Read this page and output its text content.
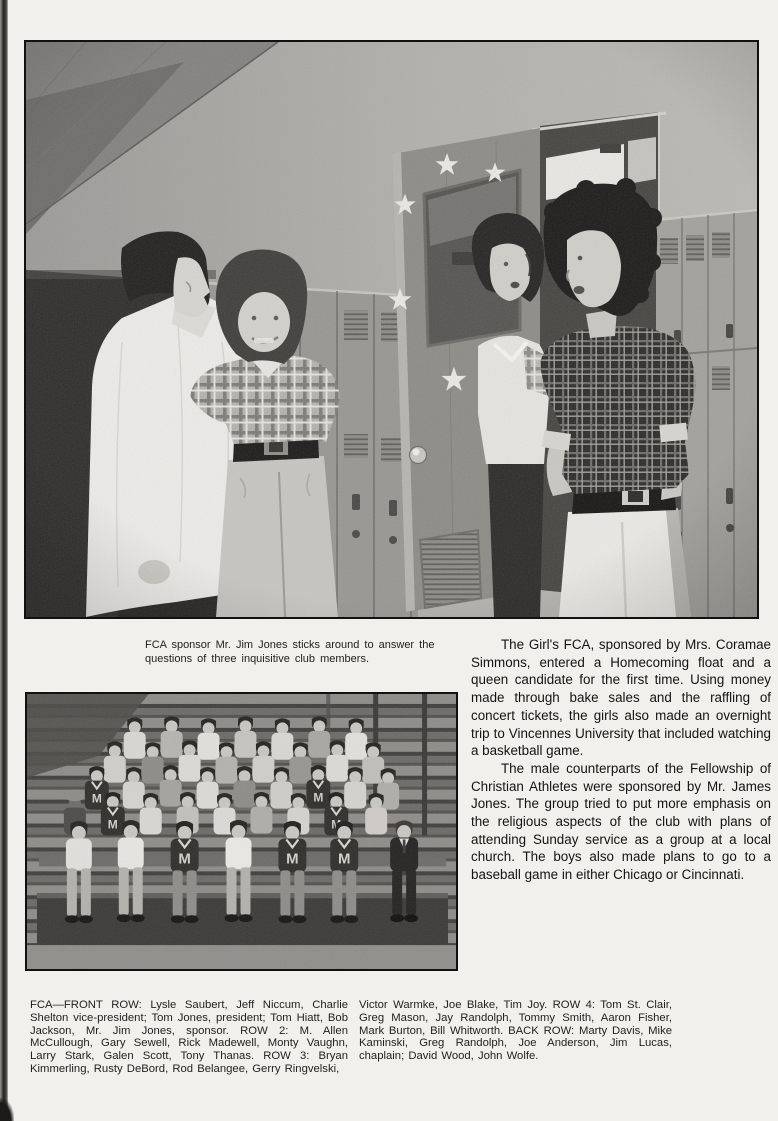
FCA sponsor Mr. Jim Jones sticks around to answer the
questions of three inquisitive club members.

The Girl's FCA, sponsored by Mrs. Coramae Simmons, entered a Homecoming float and a queen candidate for the first time. Using money made through bake sales and the raffling of concert tickets, the girls also made an overnight trip to Vincennes University that included watching a basketball game.

The male counterparts of the Fellowship of Christian Athletes were sponsored by Mr. James Jones. The group tried to put more emphasis on the religious aspects of the club with plans of attending Sunday service as a group at a local church. The boys also made plans to go to a baseball game in either Chicago or Cincinnati.

FCA—FRONT ROW: Lysle Saubert, Jeff Niccum, Charlie Shelton vice-president; Tom Jones, president; Tom Hiatt, Bob Jackson, Mr. Jim Jones, sponsor. ROW 2: M. Allen McCullough, Gary Sewell, Rick Madewell, Monty Vaughn, Larry Stark, Galen Scott, Tony Thanas. ROW 3: Bryan Kimmerling, Rusty DeBord, Rod Belangee, Gerry Ringvelski,
Victor Warmke, Joe Blake, Tim Joy. ROW 4: Tom St. Clair, Greg Mason, Jay Randolph, Tommy Smith, Aaron Fisher, Mark Burton, Bill Whitworth. BACK ROW: Marty Davis, Mike Kaminski, Greg Randolph, Joe Anderson, Jim Lucas, chaplain; David Wood, John Wolfe.
